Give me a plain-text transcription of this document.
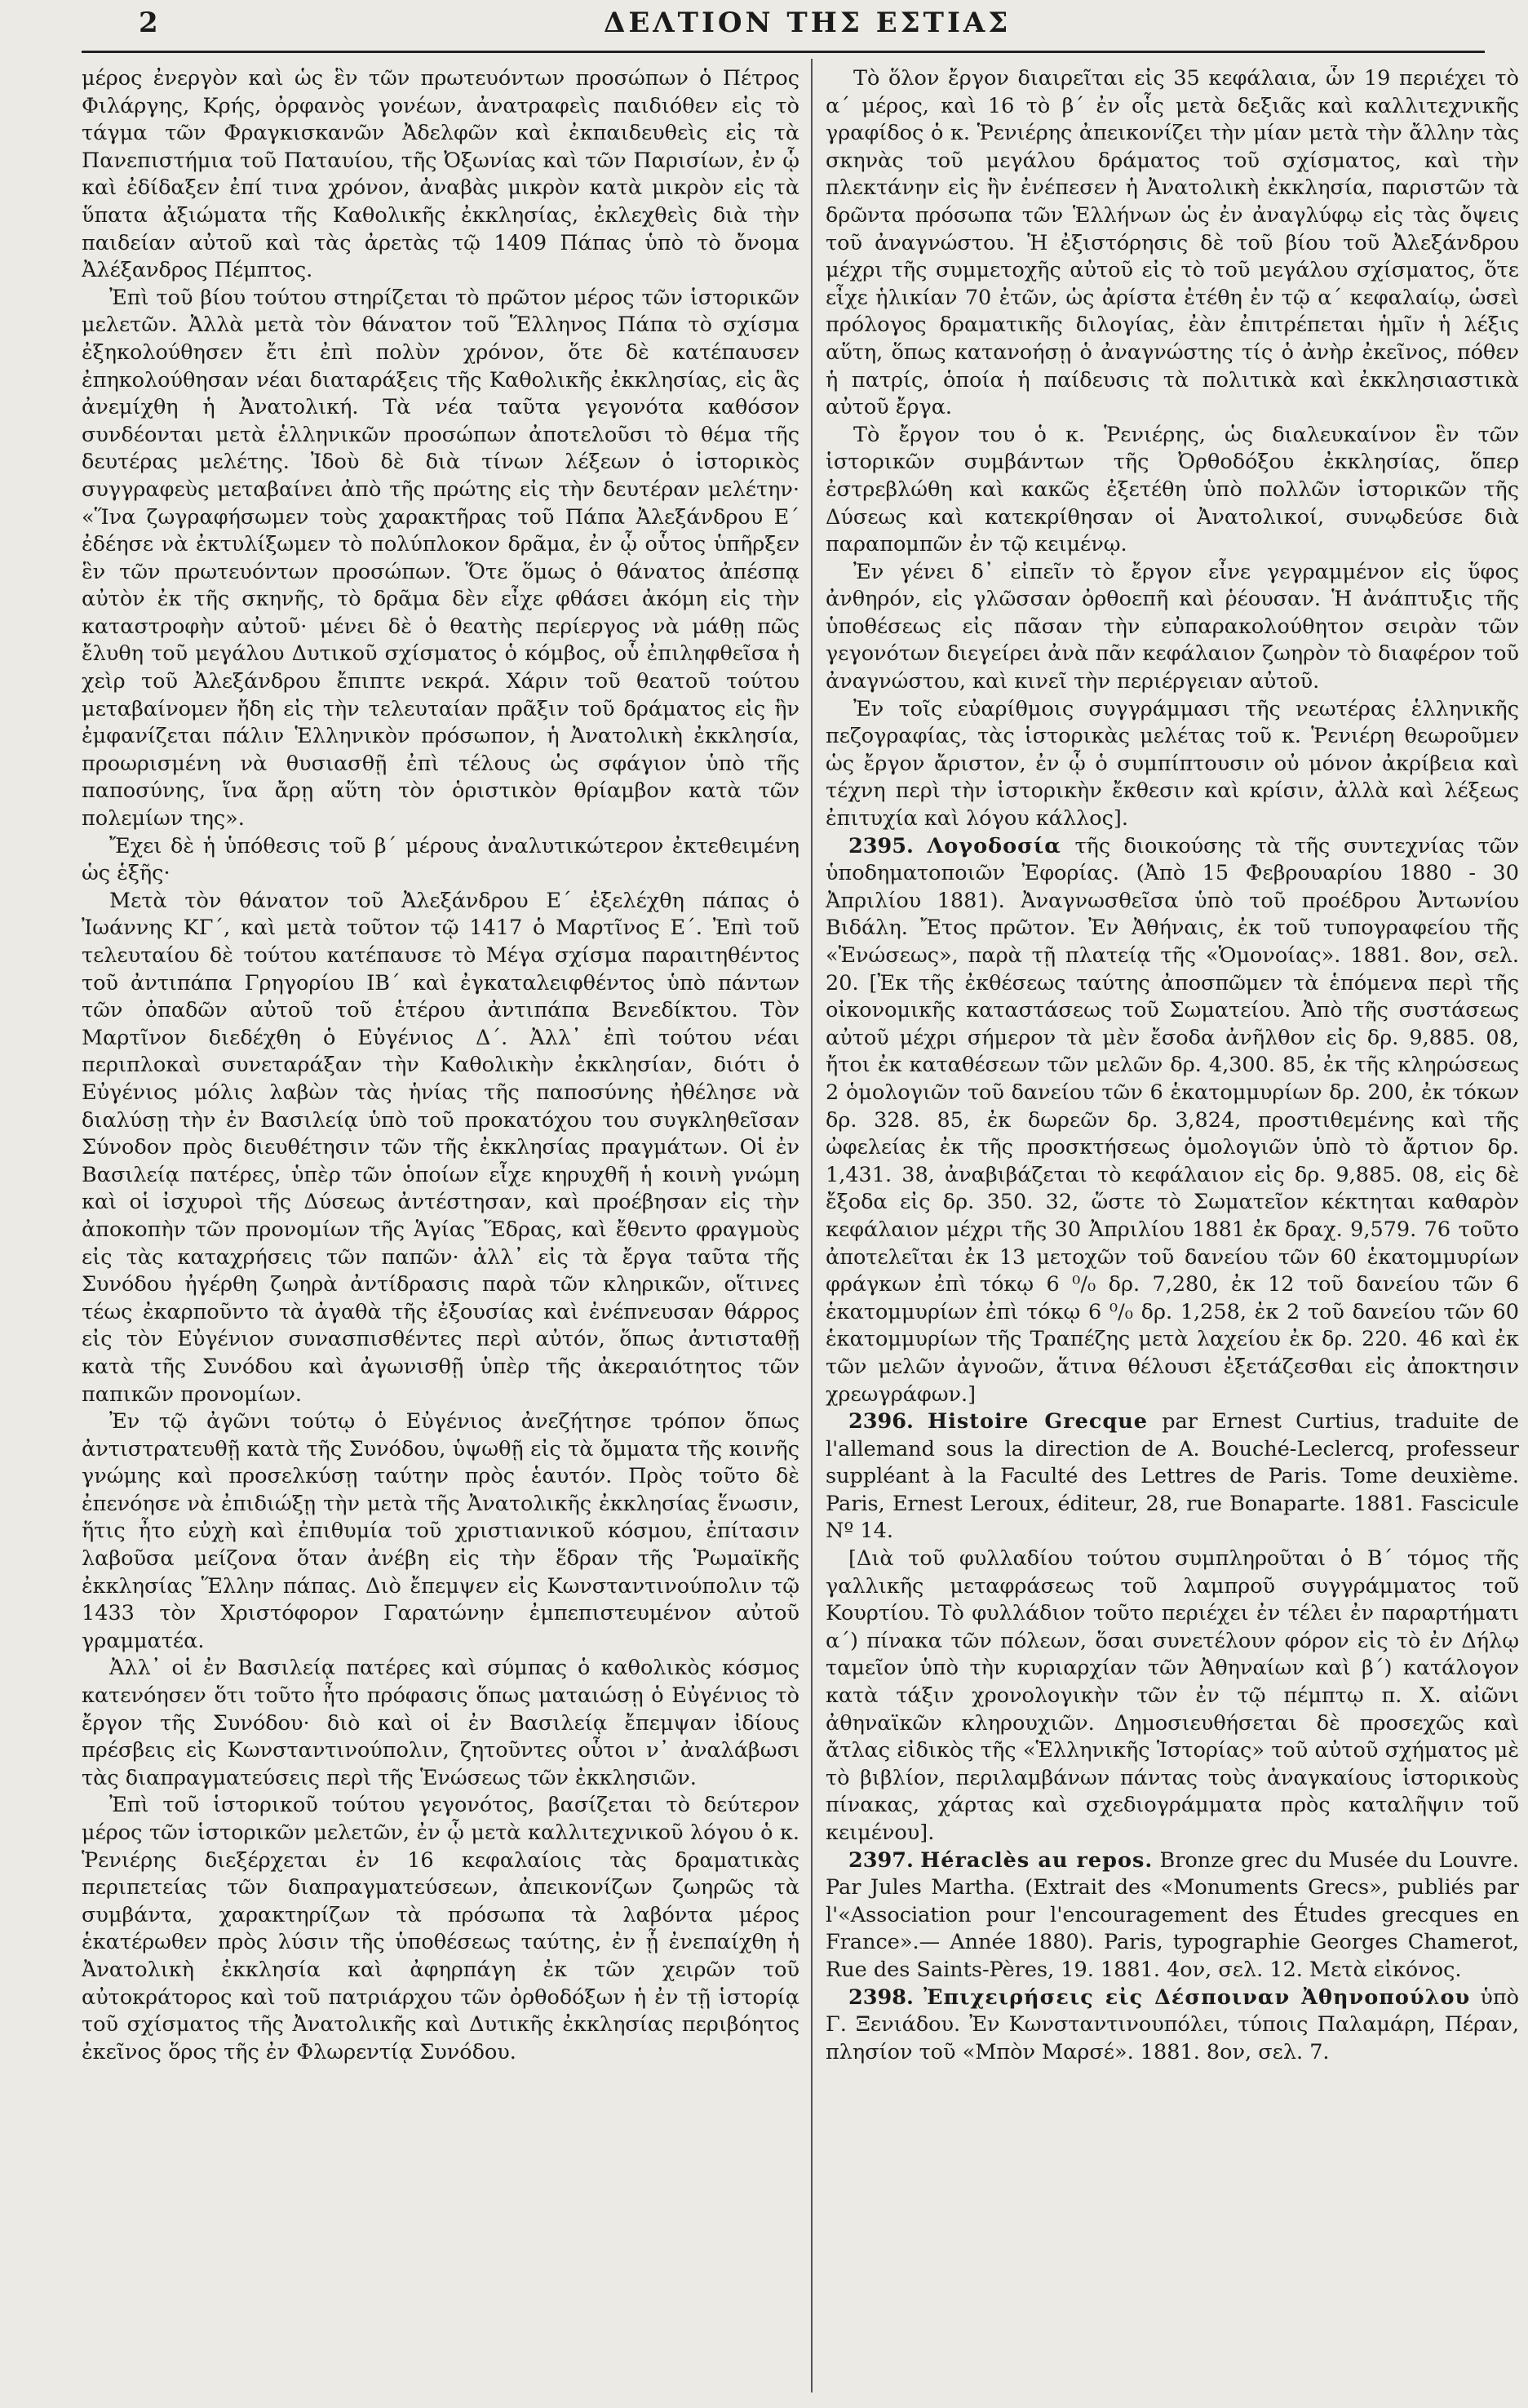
2	ΔΕΛΤΙΟΝ ΤΗΣ ΕΣΤΙΑΣ

μέρος ἐνεργὸν καὶ ὡς ἓν τῶν πρωτευόντων προσώπων ὁ Πέτρος Φιλάργης, Κρής, ὀρφανὸς γονέων, ἀνατραφεὶς παιδιόθεν εἰς τὸ τάγμα τῶν Φραγκισκανῶν Ἀδελφῶν καὶ ἐκπαιδευθεὶς εἰς τὰ Πανεπιστήμια τοῦ Παταυίου, τῆς Ὀξωνίας καὶ τῶν Παρισίων, ἐν ᾧ καὶ ἐδίδαξεν ἐπί τινα χρόνον, ἀναβὰς μικρὸν κατὰ μικρὸν εἰς τὰ ὕπατα ἀξιώματα τῆς Καθολικῆς ἐκκλησίας, ἐκλεχθεὶς διὰ τὴν παιδείαν αὐτοῦ καὶ τὰς ἀρετὰς τῷ 1409 Πάπας ὑπὸ τὸ ὄνομα Ἀλέξανδρος Πέμπτος.

Ἐπὶ τοῦ βίου τούτου στηρίζεται τὸ πρῶτον μέρος τῶν ἱστορικῶν μελετῶν. Ἀλλὰ μετὰ τὸν θάνατον τοῦ Ἕλληνος Πάπα τὸ σχίσμα ἐξηκολούθησεν ἔτι ἐπὶ πολὺν χρόνον, ὅτε δὲ κατέπαυσεν ἐπηκολούθησαν νέαι διαταράξεις τῆς Καθολικῆς ἐκκλησίας, εἰς ἃς ἀνεμίχθη ἡ Ἀνατολική. Τὰ νέα ταῦτα γεγονότα καθόσον συνδέονται μετὰ ἑλληνικῶν προσώπων ἀποτελοῦσι τὸ θέμα τῆς δευτέρας μελέτης. Ἰδοὺ δὲ διὰ τίνων λέξεων ὁ ἱστορικὸς συγγραφεὺς μεταβαίνει ἀπὸ τῆς πρώτης εἰς τὴν δευτέραν μελέτην· «Ἵνα ζωγραφήσωμεν τοὺς χαρακτῆρας τοῦ Πάπα Ἀλεξάνδρου Ε΄ ἐδέησε νὰ ἐκτυλίξωμεν τὸ πολύπλοκον δρᾶμα, ἐν ᾧ οὗτος ὑπῆρξεν ἓν τῶν πρωτευόντων προσώπων. Ὅτε ὅμως ὁ θάνατος ἀπέσπᾳ αὐτὸν ἐκ τῆς σκηνῆς, τὸ δρᾶμα δὲν εἶχε φθάσει ἀκόμη εἰς τὴν καταστροφὴν αὐτοῦ· μένει δὲ ὁ θεατὴς περίεργος νὰ μάθῃ πῶς ἔλυθη τοῦ μεγάλου Δυτικοῦ σχίσματος ὁ κόμβος, οὗ ἐπιληφθεῖσα ἡ χεὶρ τοῦ Ἀλεξάνδρου ἔπιπτε νεκρά. Χάριν τοῦ θεατοῦ τούτου μεταβαίνομεν ἤδη εἰς τὴν τελευταίαν πρᾶξιν τοῦ δράματος εἰς ἣν ἐμφανίζεται πάλιν Ἑλληνικὸν πρόσωπον, ἡ Ἀνατολικὴ ἐκκλησία, προωρισμένη νὰ θυσιασθῇ ἐπὶ τέλους ὡς σφάγιον ὑπὸ τῆς παποσύνης, ἵνα ἄρῃ αὕτη τὸν ὁριστικὸν θρίαμβον κατὰ τῶν πολεμίων της».

Ἔχει δὲ ἡ ὑπόθεσις τοῦ β΄ μέρους ἀναλυτικώτερον ἐκτεθειμένη ὡς ἑξῆς·

Μετὰ τὸν θάνατον τοῦ Ἀλεξάνδρου Ε΄ ἐξελέχθη πάπας ὁ Ἰωάννης ΚΓ΄, καὶ μετὰ τοῦτον τῷ 1417 ὁ Μαρτῖνος Ε΄. Ἐπὶ τοῦ τελευταίου δὲ τούτου κατέπαυσε τὸ Μέγα σχίσμα παραιτηθέντος τοῦ ἀντιπάπα Γρηγορίου ΙΒ΄ καὶ ἐγκαταλειφθέντος ὑπὸ πάντων τῶν ὀπαδῶν αὐτοῦ τοῦ ἑτέρου ἀντιπάπα Βενεδίκτου. Τὸν Μαρτῖνον διεδέχθη ὁ Εὐγένιος Δ΄. Ἀλλ᾽ ἐπὶ τούτου νέαι περιπλοκαὶ συνεταράξαν τὴν Καθολικὴν ἐκκλησίαν, διότι ὁ Εὐγένιος μόλις λαβὼν τὰς ἡνίας τῆς παποσύνης ἠθέλησε νὰ διαλύσῃ τὴν ἐν Βασιλείᾳ ὑπὸ τοῦ προκατόχου του συγκληθεῖσαν Σύνοδον πρὸς διευθέτησιν τῶν τῆς ἐκκλησίας πραγμάτων. Οἱ ἐν Βασιλείᾳ πατέρες, ὑπὲρ τῶν ὁποίων εἶχε κηρυχθῆ ἡ κοινὴ γνώμη καὶ οἱ ἰσχυροὶ τῆς Δύσεως ἀντέστησαν, καὶ προέβησαν εἰς τὴν ἀποκοπὴν τῶν προνομίων τῆς Ἁγίας Ἕδρας, καὶ ἔθεντο φραγμοὺς εἰς τὰς καταχρήσεις τῶν παπῶν· ἀλλ᾽ εἰς τὰ ἔργα ταῦτα τῆς Συνόδου ἠγέρθη ζωηρὰ ἀντίδρασις παρὰ τῶν κληρικῶν, οἵτινες τέως ἐκαρποῦντο τὰ ἀγαθὰ τῆς ἐξουσίας καὶ ἐνέπνευσαν θάρρος εἰς τὸν Εὐγένιον συνασπισθέντες περὶ αὐτόν, ὅπως ἀντισταθῇ κατὰ τῆς Συνόδου καὶ ἀγωνισθῇ ὑπὲρ τῆς ἀκεραιότητος τῶν παπικῶν προνομίων.

Ἐν τῷ ἀγῶνι τούτῳ ὁ Εὐγένιος ἀνεζήτησε τρόπον ὅπως ἀντιστρατευθῇ κατὰ τῆς Συνόδου, ὑψωθῇ εἰς τὰ ὄμματα τῆς κοινῆς γνώμης καὶ προσελκύσῃ ταύτην πρὸς ἑαυτόν. Πρὸς τοῦτο δὲ ἐπενόησε νὰ ἐπιδιώξῃ τὴν μετὰ τῆς Ἀνατολικῆς ἐκκλησίας ἕνωσιν, ἥτις ἦτο εὐχὴ καὶ ἐπιθυμία τοῦ χριστιανικοῦ κόσμου, ἐπίτασιν λαβοῦσα μείζονα ὅταν ἀνέβη εἰς τὴν ἕδραν τῆς Ῥωμαϊκῆς ἐκκλησίας Ἕλλην πάπας. Διὸ ἔπεμψεν εἰς Κωνσταντινούπολιν τῷ 1433 τὸν Χριστόφορον Γαρατώνην ἐμπεπιστευμένον αὐτοῦ γραμματέα.

Ἀλλ᾽ οἱ ἐν Βασιλείᾳ πατέρες καὶ σύμπας ὁ καθολικὸς κόσμος κατενόησεν ὅτι τοῦτο ἦτο πρόφασις ὅπως ματαιώσῃ ὁ Εὐγένιος τὸ ἔργον τῆς Συνόδου· διὸ καὶ οἱ ἐν Βασιλείᾳ ἔπεμψαν ἰδίους πρέσβεις εἰς Κωνσταντινούπολιν, ζητοῦντες οὗτοι ν᾽ ἀναλάβωσι τὰς διαπραγματεύσεις περὶ τῆς Ἑνώσεως τῶν ἐκκλησιῶν.

Ἐπὶ τοῦ ἱστορικοῦ τούτου γεγονότος, βασίζεται τὸ δεύτερον μέρος τῶν ἱστορικῶν μελετῶν, ἐν ᾧ μετὰ καλλιτεχνικοῦ λόγου ὁ κ. Ῥενιέρης διεξέρχεται ἐν 16 κεφαλαίοις τὰς δραματικὰς περιπετείας τῶν διαπραγματεύσεων, ἀπεικονίζων ζωηρῶς τὰ συμβάντα, χαρακτηρίζων τὰ πρόσωπα τὰ λαβόντα μέρος ἑκατέρωθεν πρὸς λύσιν τῆς ὑποθέσεως ταύτης, ἐν ᾗ ἐνεπαίχθη ἡ Ἀνατολικὴ ἐκκλησία καὶ ἀφηρπάγη ἐκ τῶν χειρῶν τοῦ αὐτοκράτορος καὶ τοῦ πατριάρχου τῶν ὀρθοδόξων ἡ ἐν τῇ ἱστορίᾳ τοῦ σχίσματος τῆς Ἀνατολικῆς καὶ Δυτικῆς ἐκκλησίας περιβόητος ἐκεῖνος ὅρος τῆς ἐν Φλωρεντίᾳ Συνόδου.

Τὸ ὅλον ἔργον διαιρεῖται εἰς 35 κεφάλαια, ὧν 19 περιέχει τὸ α΄ μέρος, καὶ 16 τὸ β΄ ἐν οἷς μετὰ δεξιᾶς καὶ καλλιτεχνικῆς γραφίδος ὁ κ. Ῥενιέρης ἀπεικονίζει τὴν μίαν μετὰ τὴν ἄλλην τὰς σκηνὰς τοῦ μεγάλου δράματος τοῦ σχίσματος, καὶ τὴν πλεκτάνην εἰς ἣν ἐνέπεσεν ἡ Ἀνατολικὴ ἐκκλησία, παριστῶν τὰ δρῶντα πρόσωπα τῶν Ἑλλήνων ὡς ἐν ἀναγλύφῳ εἰς τὰς ὄψεις τοῦ ἀναγνώστου. Ἡ ἐξιστόρησις δὲ τοῦ βίου τοῦ Ἀλεξάνδρου μέχρι τῆς συμμετοχῆς αὐτοῦ εἰς τὸ τοῦ μεγάλου σχίσματος, ὅτε εἶχε ἡλικίαν 70 ἐτῶν, ὡς ἀρίστα ἐτέθη ἐν τῷ α΄ κεφαλαίῳ, ὡσεὶ πρόλογος δραματικῆς διλογίας, ἐὰν ἐπιτρέπεται ἡμῖν ἡ λέξις αὕτη, ὅπως κατανοήσῃ ὁ ἀναγνώστης τίς ὁ ἀνὴρ ἐκεῖνος, πόθεν ἡ πατρίς, ὁποία ἡ παίδευσις τὰ πολιτικὰ καὶ ἐκκλησιαστικὰ αὐτοῦ ἔργα.

Τὸ ἔργον του ὁ κ. Ῥενιέρης, ὡς διαλευκαίνον ἓν τῶν ἱστορικῶν συμβάντων τῆς Ὀρθοδόξου ἐκκλησίας, ὅπερ ἐστρεβλώθη καὶ κακῶς ἐξετέθη ὑπὸ πολλῶν ἱστορικῶν τῆς Δύσεως καὶ κατεκρίθησαν οἱ Ἀνατολικοί, συνῳδεύσε διὰ παραπομπῶν ἐν τῷ κειμένῳ.

Ἐν γένει δ᾽ εἰπεῖν τὸ ἔργον εἶνε γεγραμμένον εἰς ὕφος ἀνθηρόν, εἰς γλῶσσαν ὀρθοεπῆ καὶ ῥέουσαν. Ἡ ἀνάπτυξις τῆς ὑποθέσεως εἰς πᾶσαν τὴν εὐπαρακολούθητον σειρὰν τῶν γεγονότων διεγείρει ἀνὰ πᾶν κεφάλαιον ζωηρὸν τὸ διαφέρον τοῦ ἀναγνώστου, καὶ κινεῖ τὴν περιέργειαν αὐτοῦ.

Ἐν τοῖς εὐαρίθμοις συγγράμμασι τῆς νεωτέρας ἑλληνικῆς πεζογραφίας, τὰς ἱστορικὰς μελέτας τοῦ κ. Ῥενιέρη θεωροῦμεν ὡς ἔργον ἄριστον, ἐν ᾧ ὁ συμπίπτουσιν οὐ μόνον ἀκρίβεια καὶ τέχνη περὶ τὴν ἱστορικὴν ἔκθεσιν καὶ κρίσιν, ἀλλὰ καὶ λέξεως ἐπιτυχία καὶ λόγου κάλλος].

2395. Λογοδοσία τῆς διοικούσης τὰ τῆς συντεχνίας τῶν ὑποδηματοποιῶν Ἐφορίας. (Ἀπὸ 15 Φεβρουαρίου 1880 - 30 Ἀπριλίου 1881). Ἀναγνωσθεῖσα ὑπὸ τοῦ προέδρου Ἀντωνίου Βιδάλη. Ἔτος πρῶτον. Ἐν Ἀθήναις, ἐκ τοῦ τυπογραφείου τῆς «Ἑνώσεως», παρὰ τῇ πλατείᾳ τῆς «Ὁμονοίας». 1881. 8ον, σελ. 20. [Ἐκ τῆς ἐκθέσεως ταύτης ἀποσπῶμεν τὰ ἑπόμενα περὶ τῆς οἰκονομικῆς καταστάσεως τοῦ Σωματείου. Ἀπὸ τῆς συστάσεως αὐτοῦ μέχρι σήμερον τὰ μὲν ἔσοδα ἀνῆλθον εἰς δρ. 9,885. 08, ἤτοι ἐκ καταθέσεων τῶν μελῶν δρ. 4,300. 85, ἐκ τῆς κληρώσεως 2 ὁμολογιῶν τοῦ δανείου τῶν 6 ἑκατομμυρίων δρ. 200, ἐκ τόκων δρ. 328. 85, ἐκ δωρεῶν δρ. 3,824, προστιθεμένης καὶ τῆς ὠφελείας ἐκ τῆς προσκτήσεως ὁμολογιῶν ὑπὸ τὸ ἄρτιον δρ. 1,431. 38, ἀναβιβάζεται τὸ κεφάλαιον εἰς δρ. 9,885. 08, εἰς δὲ ἔξοδα εἰς δρ. 350. 32, ὥστε τὸ Σωματεῖον κέκτηται καθαρὸν κεφάλαιον μέχρι τῆς 30 Ἀπριλίου 1881 ἐκ δραχ. 9,579. 76 τοῦτο ἀποτελεῖται ἐκ 13 μετοχῶν τοῦ δανείου τῶν 60 ἑκατομμυρίων φράγκων ἐπὶ τόκῳ 6 ⁰/₀ δρ. 7,280, ἐκ 12 τοῦ δανείου τῶν 6 ἑκατομμυρίων ἐπὶ τόκῳ 6 ⁰/₀ δρ. 1,258, ἐκ 2 τοῦ δανείου τῶν 60 ἑκατομμυρίων τῆς Τραπέζης μετὰ λαχείου ἐκ δρ. 220. 46 καὶ ἐκ τῶν μελῶν ἀγνοῶν, ἅτινα θέλουσι ἐξετάζεσθαι εἰς ἀποκτησιν χρεωγράφων.]

2396. Histoire Grecque par Ernest Curtius, traduite de l'allemand sous la direction de A. Bouché-Leclercq, professeur suppléant à la Faculté des Lettres de Paris. Tome deuxième. Paris, Ernest Leroux, éditeur, 28, rue Bonaparte. 1881. Fascicule Nº 14.

[Διὰ τοῦ φυλλαδίου τούτου συμπληροῦται ὁ Β΄ τόμος τῆς γαλλικῆς μεταφράσεως τοῦ λαμπροῦ συγγράμματος τοῦ Κουρτίου. Τὸ φυλλάδιον τοῦτο περιέχει ἐν τέλει ἐν παραρτήματι α΄) πίνακα τῶν πόλεων, ὅσαι συνετέλουν φόρον εἰς τὸ ἐν Δήλῳ ταμεῖον ὑπὸ τὴν κυριαρχίαν τῶν Ἀθηναίων καὶ β΄) κατάλογον κατὰ τάξιν χρονολογικὴν τῶν ἐν τῷ πέμπτῳ π. Χ. αἰῶνι ἀθηναϊκῶν κληρουχιῶν. Δημοσιευθήσεται δὲ προσεχῶς καὶ ἄτλας εἰδικὸς τῆς «Ἑλληνικῆς Ἱστορίας» τοῦ αὐτοῦ σχήματος μὲ τὸ βιβλίον, περιλαμβάνων πάντας τοὺς ἀναγκαίους ἱστορικοὺς πίνακας, χάρτας καὶ σχεδιογράμματα πρὸς καταλῆψιν τοῦ κειμένου].

2397. Héraclès au repos. Bronze grec du Musée du Louvre. Par Jules Martha. (Extrait des «Monuments Grecs», publiés par l'«Association pour l'encouragement des Études grecques en France».— Année 1880). Paris, typographie Georges Chamerot, Rue des Saints-Pères, 19. 1881. 4ον, σελ. 12. Μετὰ εἰκόνος.

2398. Ἐπιχειρήσεις εἰς Δέσποιναν Ἀθηνοπούλου ὑπὸ Γ. Ξενιάδου. Ἐν Κωνσταντινουπόλει, τύποις Παλαμάρη, Πέραν, πλησίον τοῦ «Μπὸν Μαρσέ». 1881. 8ον, σελ. 7.
